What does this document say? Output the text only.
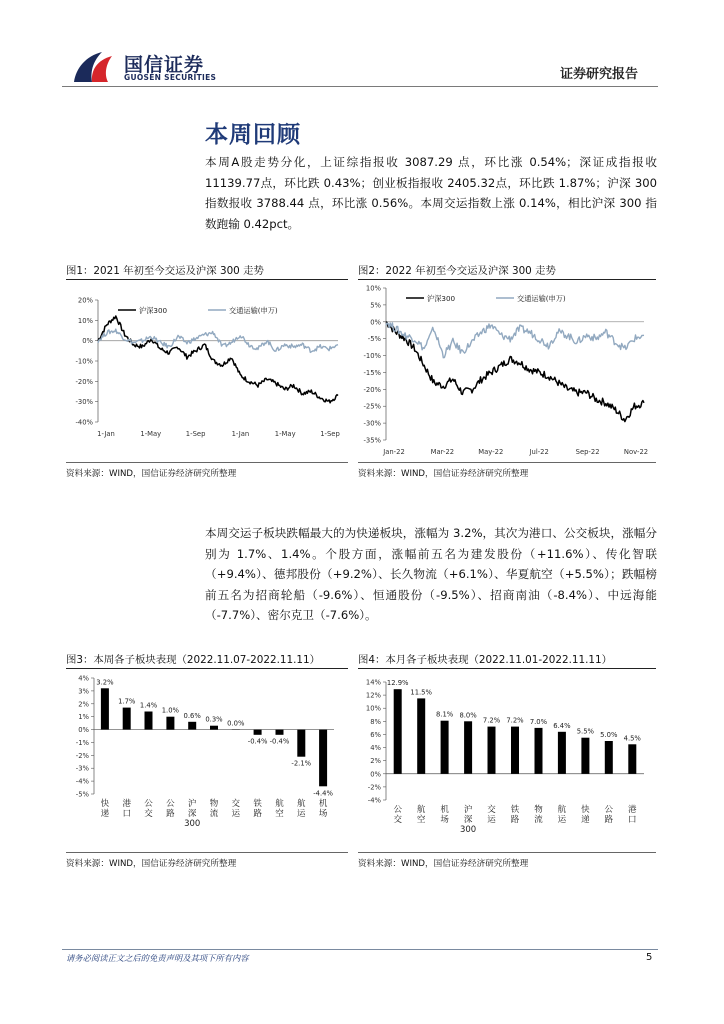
国信证券
GUOSEN SECURITIES	证券研究报告
本周回顾
本周A股走势分化，上证综指报收 3087.29 点，环比涨 0.54%；深证成指报收 11139.77点，环比跌 0.43%；创业板指报收 2405.32点，环比跌 1.87%；沪深 300 指数报收 3788.44 点，环比涨 0.56%。本周交运指数上涨 0.14%，相比沪深 300 指数跑输 0.42pct。
图1：2021 年初至今交运及沪深 300 走势
20%
10%
0%
-10%
-20%
-30%
-40%
1-Jan	1-May	1-Sep	1-Jan	1-May	1-Sep
沪深300	交通运输(申万)
资料来源：WIND，国信证券经济研究所整理
图2：2022 年初至今交运及沪深 300 走势
10%
5%
0%
-5%
-10%
-15%
-20%
-25%
-30%
-35%
Jan-22	Mar-22	May-22	Jul-22	Sep-22	Nov-22
沪深300	交通运输(申万)
资料来源：WIND，国信证券经济研究所整理
本周交运子板块跌幅最大的为快递板块，涨幅为 3.2%，其次为港口、公交板块，涨幅分别为 1.7%、1.4%。个股方面，涨幅前五名为建发股份（+11.6%）、传化智联（+9.4%）、德邦股份（+9.2%）、长久物流（+6.1%）、华夏航空（+5.5%）；跌幅榜前五名为招商轮船（-9.6%）、恒通股份（-9.5%）、招商南油（-8.4%）、中远海能（-7.7%）、密尔克卫（-7.6%）。
图3：本周各子板块表现（2022.11.07-2022.11.11）
4%
3%
2%
1%
0%
-1%
-2%
-3%
-4%
-5%
3.2%
快递
1.7%
港口
1.4%
公交
1.0%
公路
0.6%
沪深 300
0.3%
物流
0.0%
交运
-0.4%
铁路
-0.4%
航空
-2.1%
航运
-4.4%
机场
资料来源：WIND，国信证券经济研究所整理
图4：本月各子板块表现（2022.11.01-2022.11.11）
14%
12%
10%
8%
6%
4%
2%
0%
-2%
-4%
12.9%
公交
11.5%
航空
8.1%
机场
8.0%
沪深 300
7.2%
交运
7.2%
铁路
7.0%
物流
6.4%
航运
5.5%
快递
5.0%
公路
4.5%
港口
资料来源：WIND，国信证券经济研究所整理
请务必阅读正文之后的免责声明及其项下所有内容	5
